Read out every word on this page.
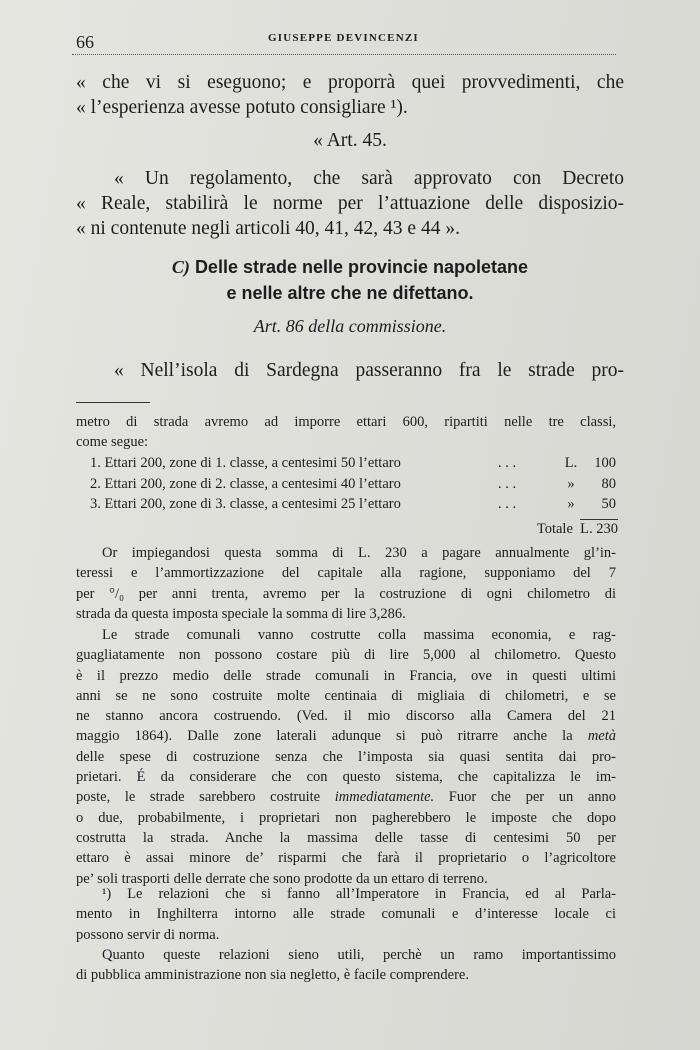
66	GIUSEPPE DEVINCENZI
« che vi si eseguono; e proporrà quei provvedimenti, che
« l’esperienza avesse potuto consigliare ¹).
« Art. 45.
« Un regolamento, che sarà approvato con Decreto
« Reale, stabilirà le norme per l’attuazione delle disposizio-
« ni contenute negli articoli 40, 41, 42, 43 e 44 ».
C) Delle strade nelle provincie napoletane
e nelle altre che ne difettano.
Art. 86 della commissione.
« Nell’isola di Sardegna passeranno fra le strade pro-
metro di strada avremo ad imporre ettari 600, ripartiti nelle tre classi,
come segue:
1. Ettari 200, zone di 1. classe, a centesimi 50 l’ettaro	. . .	L.	100
2. Ettari 200, zone di 2. classe, a centesimi 40 l’ettaro	. . .	»	80
3. Ettari 200, zone di 3. classe, a centesimi 25 l’ettaro	. . .	»	50
Totale L. 230
Or impiegandosi questa somma di L. 230 a pagare annualmente gl’in-
teressi e l’ammortizzazione del capitale alla ragione, supponiamo del 7
per °/₀ per anni trenta, avremo per la costruzione di ogni chilometro di
strada da questa imposta speciale la somma di lire 3,286.
Le strade comunali vanno costrutte colla massima economia, e rag-
guagliatamente non possono costare più di lire 5,000 al chilometro. Questo
è il prezzo medio delle strade comunali in Francia, ove in questi ultimi
anni se ne sono costruite molte centinaia di migliaia di chilometri, e se
ne stanno ancora costruendo. (Ved. il mio discorso alla Camera del 21
maggio 1864). Dalle zone laterali adunque si può ritrarre anche la metà
delle spese di costruzione senza che l’imposta sia quasi sentita dai pro-
prietari. É da considerare che con questo sistema, che capitalizza le im-
poste, le strade sarebbero costruite immediatamente. Fuor che per un anno
o due, probabilmente, i proprietari non pagherebbero le imposte che dopo
costrutta la strada. Anche la massima delle tasse di centesimi 50 per
ettaro è assai minore de’ risparmi che farà il proprietario o l’agricoltore
pe’ soli trasporti delle derrate che sono prodotte da un ettaro di terreno.
¹) Le relazioni che si fanno all’Imperatore in Francia, ed al Parla-
mento in Inghilterra intorno alle strade comunali e d’interesse locale ci
possono servir di norma.
Quanto queste relazioni sieno utili, perchè un ramo importantissimo
di pubblica amministrazione non sia negletto, è facile comprendere.
